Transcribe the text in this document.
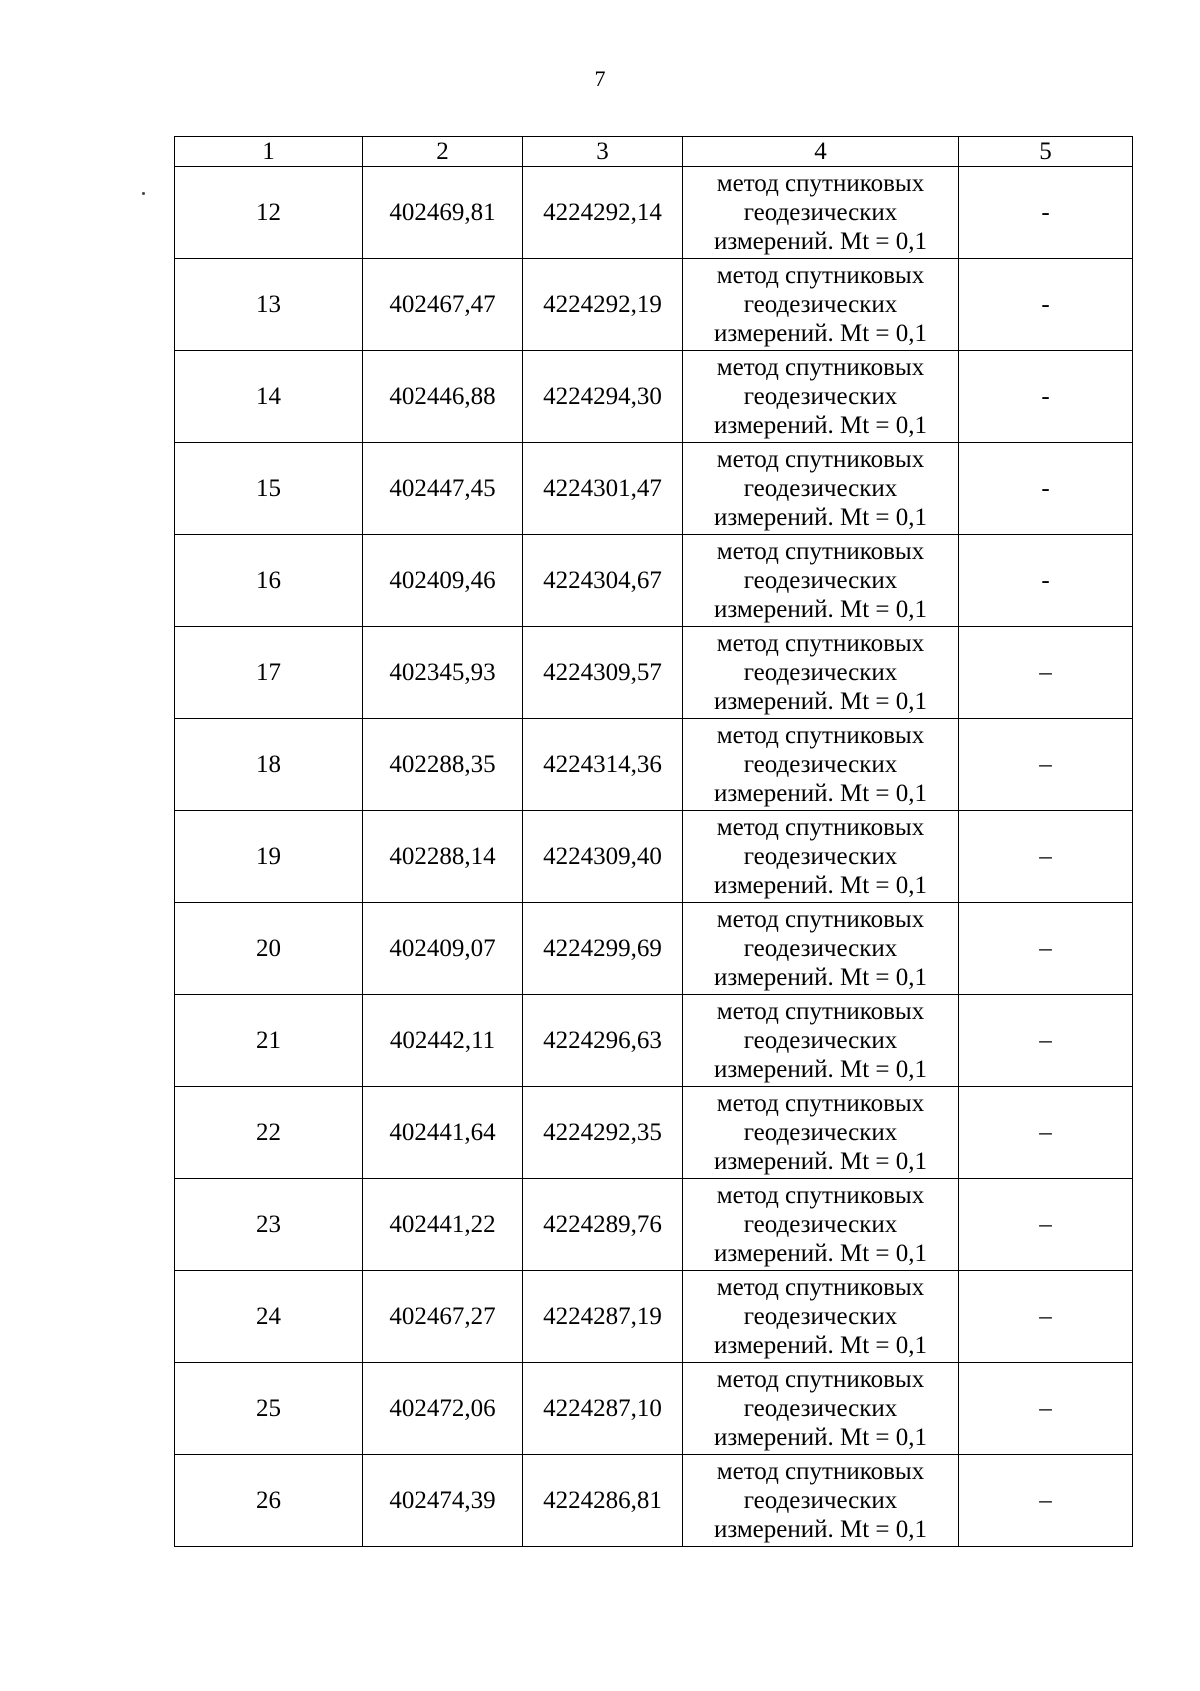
7
1	2	3	4	5
12	402469,81	4224292,14	метод спутниковых
геодезических
измерений. Mt = 0,1	-
13	402467,47	4224292,19	метод спутниковых
геодезических
измерений. Mt = 0,1	-
14	402446,88	4224294,30	метод спутниковых
геодезических
измерений. Mt = 0,1	-
15	402447,45	4224301,47	метод спутниковых
геодезических
измерений. Mt = 0,1	-
16	402409,46	4224304,67	метод спутниковых
геодезических
измерений. Mt = 0,1	-
17	402345,93	4224309,57	метод спутниковых
геодезических
измерений. Mt = 0,1	–
18	402288,35	4224314,36	метод спутниковых
геодезических
измерений. Mt = 0,1	–
19	402288,14	4224309,40	метод спутниковых
геодезических
измерений. Mt = 0,1	–
20	402409,07	4224299,69	метод спутниковых
геодезических
измерений. Mt = 0,1	–
21	402442,11	4224296,63	метод спутниковых
геодезических
измерений. Mt = 0,1	–
22	402441,64	4224292,35	метод спутниковых
геодезических
измерений. Mt = 0,1	–
23	402441,22	4224289,76	метод спутниковых
геодезических
измерений. Mt = 0,1	–
24	402467,27	4224287,19	метод спутниковых
геодезических
измерений. Mt = 0,1	–
25	402472,06	4224287,10	метод спутниковых
геодезических
измерений. Mt = 0,1	–
26	402474,39	4224286,81	метод спутниковых
геодезических
измерений. Mt = 0,1	–
